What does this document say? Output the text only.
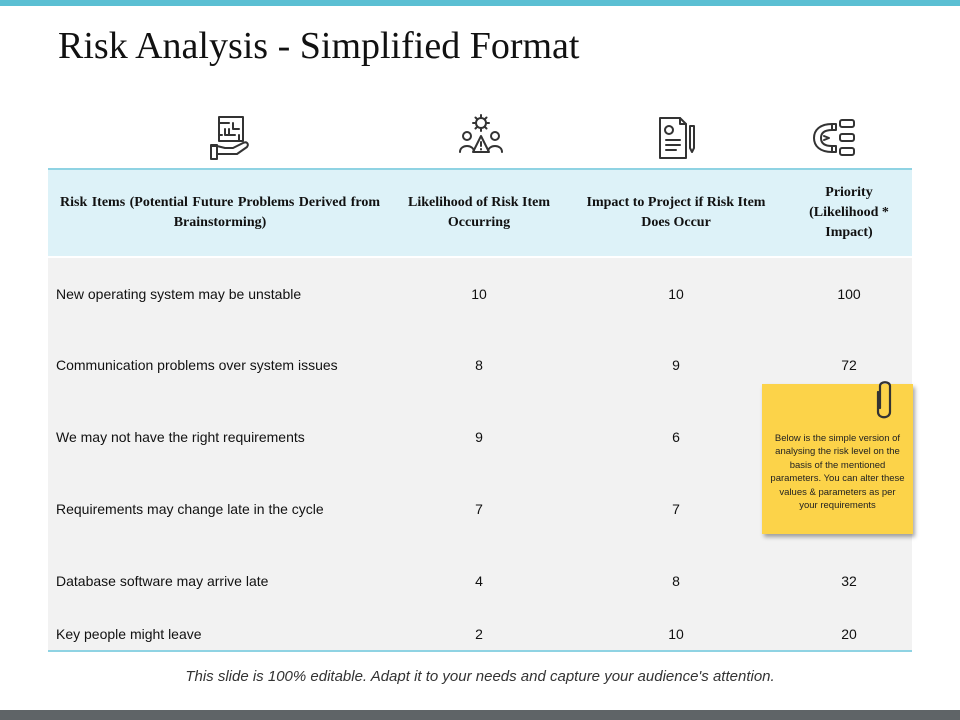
Risk Analysis - Simplified Format
Risk Items (Potential Future Problems Derived from Brainstorming)	Likelihood of Risk Item Occurring	Impact to Project if Risk Item Does Occur	Priority (Likelihood * Impact)
New operating system may be unstable	10	10	100
Communication problems over system issues	8	9	72
We may not have the right requirements	9	6	
Requirements may change late in the cycle	7	7	
Database software may arrive late	4	8	32
Key people might leave	2	10	20
Below is the simple version of analysing the risk level on the basis of the mentioned parameters. You can alter these values & parameters as per your requirements
This slide is 100% editable. Adapt it to your needs and capture your audience's attention.
